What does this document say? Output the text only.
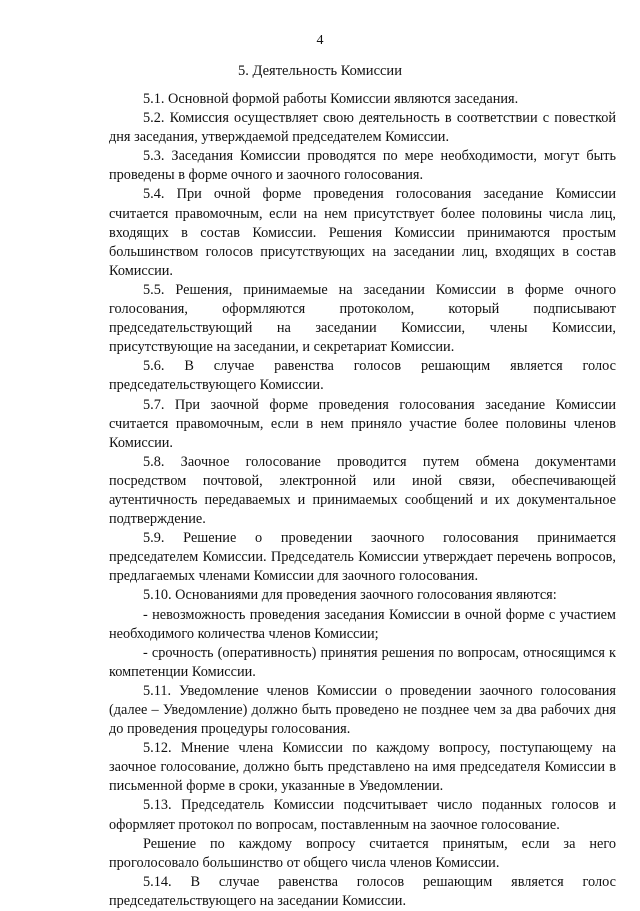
4
5. Деятельность Комиссии

5.1. Основной формой работы Комиссии являются заседания.

5.2. Комиссия осуществляет свою деятельность в соответствии с повесткой дня заседания, утверждаемой председателем Комиссии.

5.3. Заседания Комиссии проводятся по мере необходимости, могут быть проведены в форме очного и заочного голосования.

5.4. При очной форме проведения голосования заседание Комиссии считается правомочным, если на нем присутствует более половины числа лиц, входящих в состав Комиссии. Решения Комиссии принимаются простым большинством голосов присутствующих на заседании лиц, входящих в состав Комиссии.

5.5. Решения, принимаемые на заседании Комиссии в форме очного голосования, оформляются протоколом, который подписывают председательствующий на заседании Комиссии, члены Комиссии, присутствующие на заседании, и секретариат Комиссии.

5.6. В случае равенства голосов решающим является голос председательствующего Комиссии.

5.7. При заочной форме проведения голосования заседание Комиссии считается правомочным, если в нем приняло участие более половины членов Комиссии.

5.8. Заочное голосование проводится путем обмена документами посредством почтовой, электронной или иной связи, обеспечивающей аутентичность передаваемых и принимаемых сообщений и их документальное подтверждение.

5.9. Решение о проведении заочного голосования принимается председателем Комиссии. Председатель Комиссии утверждает перечень вопросов, предлагаемых членами Комиссии для заочного голосования.

5.10. Основаниями для проведения заочного голосования являются:

- невозможность проведения заседания Комиссии в очной форме с участием необходимого количества членов Комиссии;

- срочность (оперативность) принятия решения по вопросам, относящимся к компетенции Комиссии.

5.11. Уведомление членов Комиссии о проведении заочного голосования (далее – Уведомление) должно быть проведено не позднее чем за два рабочих дня до проведения процедуры голосования.

5.12. Мнение члена Комиссии по каждому вопросу, поступающему на заочное голосование, должно быть представлено на имя председателя Комиссии в письменной форме в сроки, указанные в Уведомлении.

5.13. Председатель Комиссии подсчитывает число поданных голосов и оформляет протокол по вопросам, поставленным на заочное голосование.

Решение по каждому вопросу считается принятым, если за него проголосовало большинство от общего числа членов Комиссии.

5.14. В случае равенства голосов решающим является голос председательствующего на заседании Комиссии.
